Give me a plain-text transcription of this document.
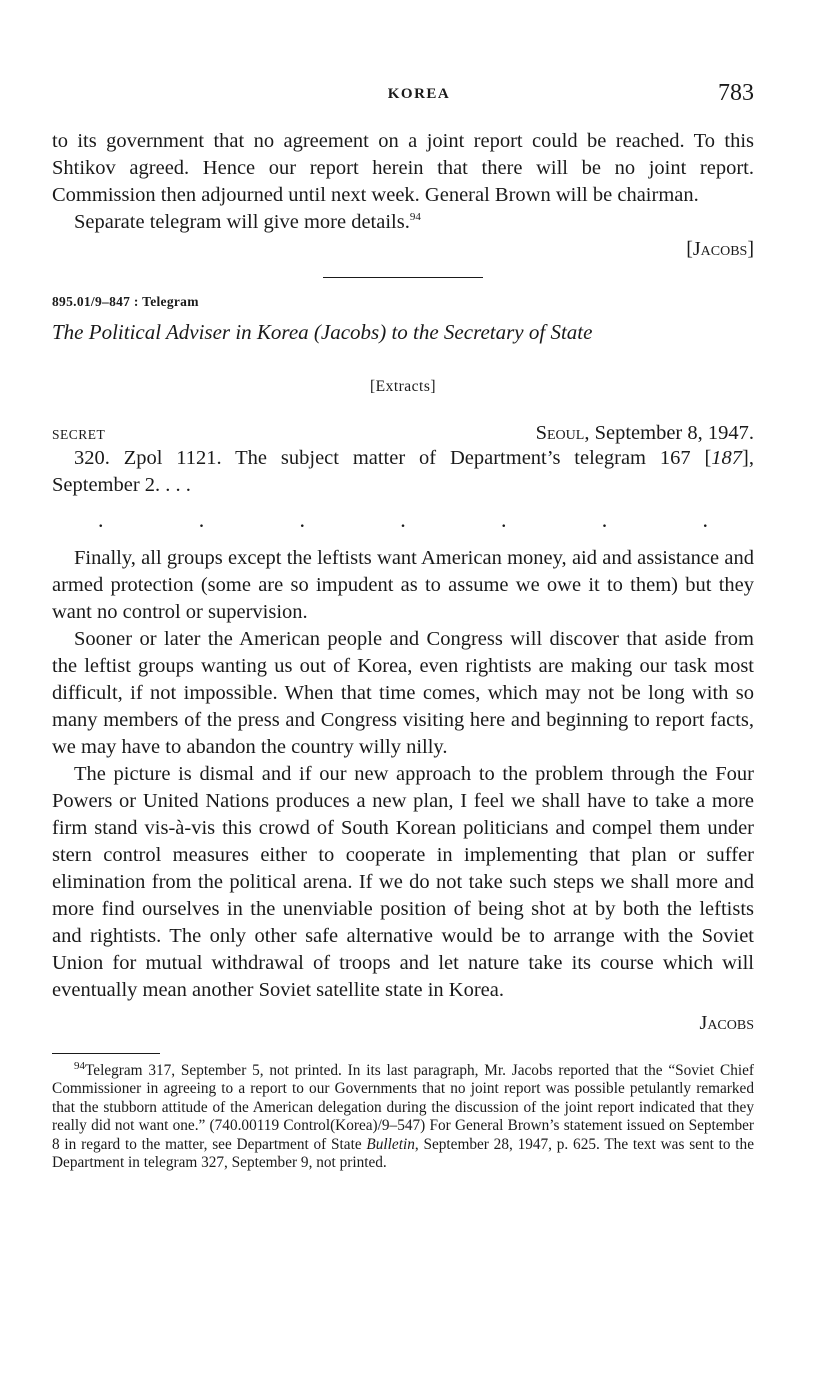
KOREA	783

to its government that no agreement on a joint report could be reached. To this Shtikov agreed. Hence our report herein that there will be no joint report. Commission then adjourned until next week. General Brown will be chairman.

Separate telegram will give more details.$^{94}$

[Jacobs]

895.01/9–847 : Telegram

The Political Adviser in Korea (Jacobs) to the Secretary of State

[Extracts]
SECRET	Seoul, September 8, 1947.

320. Zpol 1121. The subject matter of Department’s telegram 167 [187], September 2. . . .

.	.	.	.	.	.	.

Finally, all groups except the leftists want American money, aid and assistance and armed protection (some are so impudent as to assume we owe it to them) but they want no control or supervision.

Sooner or later the American people and Congress will discover that aside from the leftist groups wanting us out of Korea, even rightists are making our task most difficult, if not impossible. When that time comes, which may not be long with so many members of the press and Congress visiting here and beginning to report facts, we may have to abandon the country willy nilly.

The picture is dismal and if our new approach to the problem through the Four Powers or United Nations produces a new plan, I feel we shall have to take a more firm stand vis-à-vis this crowd of South Korean politicians and compel them under stern control measures either to cooperate in implementing that plan or suffer elimination from the political arena. If we do not take such steps we shall more and more find ourselves in the unenviable position of being shot at by both the leftists and rightists. The only other safe alternative would be to arrange with the Soviet Union for mutual withdrawal of troops and let nature take its course which will eventually mean another Soviet satellite state in Korea.

Jacobs

$^{94}$Telegram 317, September 5, not printed. In its last paragraph, Mr. Jacobs reported that the “Soviet Chief Commissioner in agreeing to a report to our Governments that no joint report was possible petulantly remarked that the stubborn attitude of the American delegation during the discussion of the joint report indicated that they really did not want one.” (740.00119 Control(Korea)/9–547) For General Brown’s statement issued on September 8 in regard to the matter, see Department of State Bulletin, September 28, 1947, p. 625. The text was sent to the Department in telegram 327, September 9, not printed.
